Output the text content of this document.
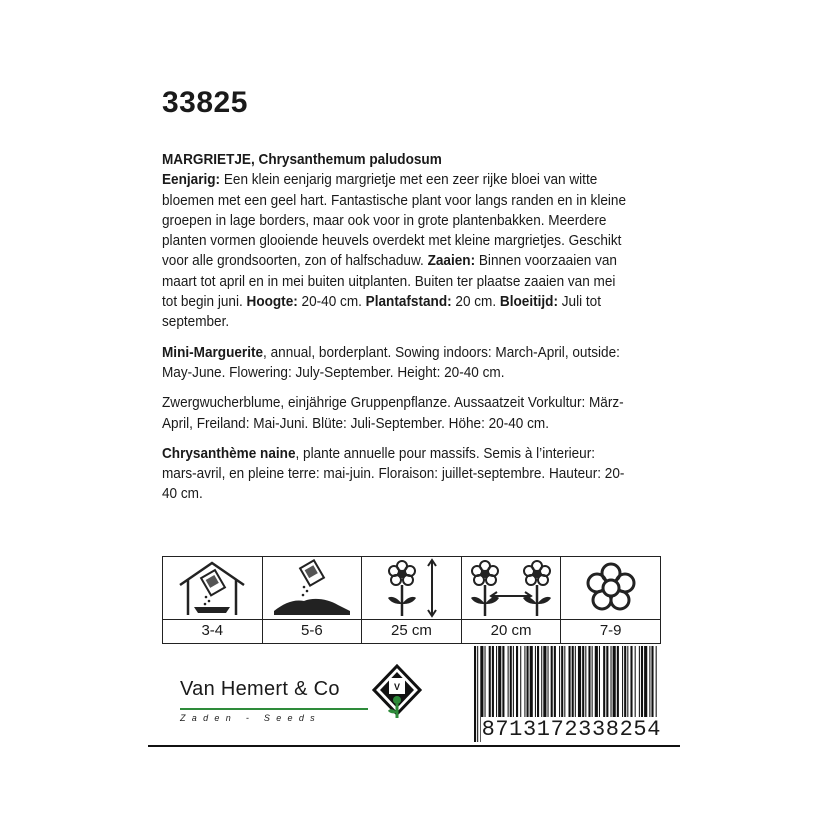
33825

MARGRIETJE, Chrysanthemum paludosum
Eenjarig: Een klein eenjarig margrietje met een zeer rijke bloei van witte bloemen met een geel hart. Fantastische plant voor langs randen en in kleine groepen in lage borders, maar ook voor in grote plantenbakken. Meerdere planten vormen glooiende heuvels overdekt met kleine margrietjes. Geschikt voor alle grondsoorten, zon of halfschaduw. Zaaien: Binnen voorzaaien van maart tot april en in mei buiten uitplanten. Buiten ter plaatse zaaien van mei tot begin juni. Hoogte: 20-40 cm. Plantafstand: 20 cm. Bloeitijd: Juli tot september.

Mini-Marguerite, annual, borderplant. Sowing indoors: March-April, outside: May-June. Flowering: July-September. Height: 20-40 cm.

Zwergwucherblume, einjährige Gruppenpflanze. Aussaatzeit Vorkultur: März-April, Freiland: Mai-Juni. Blüte: Juli-September. Höhe: 20-40 cm.

Chrysanthème naine, plante annuelle pour massifs. Semis à l’interieur: mars-avril, en pleine terre: mai-juin. Floraison: juillet-septembre. Hauteur: 20-40 cm.

3-4	5-6	25 cm	20 cm	7-9
Van Hemert & Co
Zaden - Seeds
V
8713172338254
